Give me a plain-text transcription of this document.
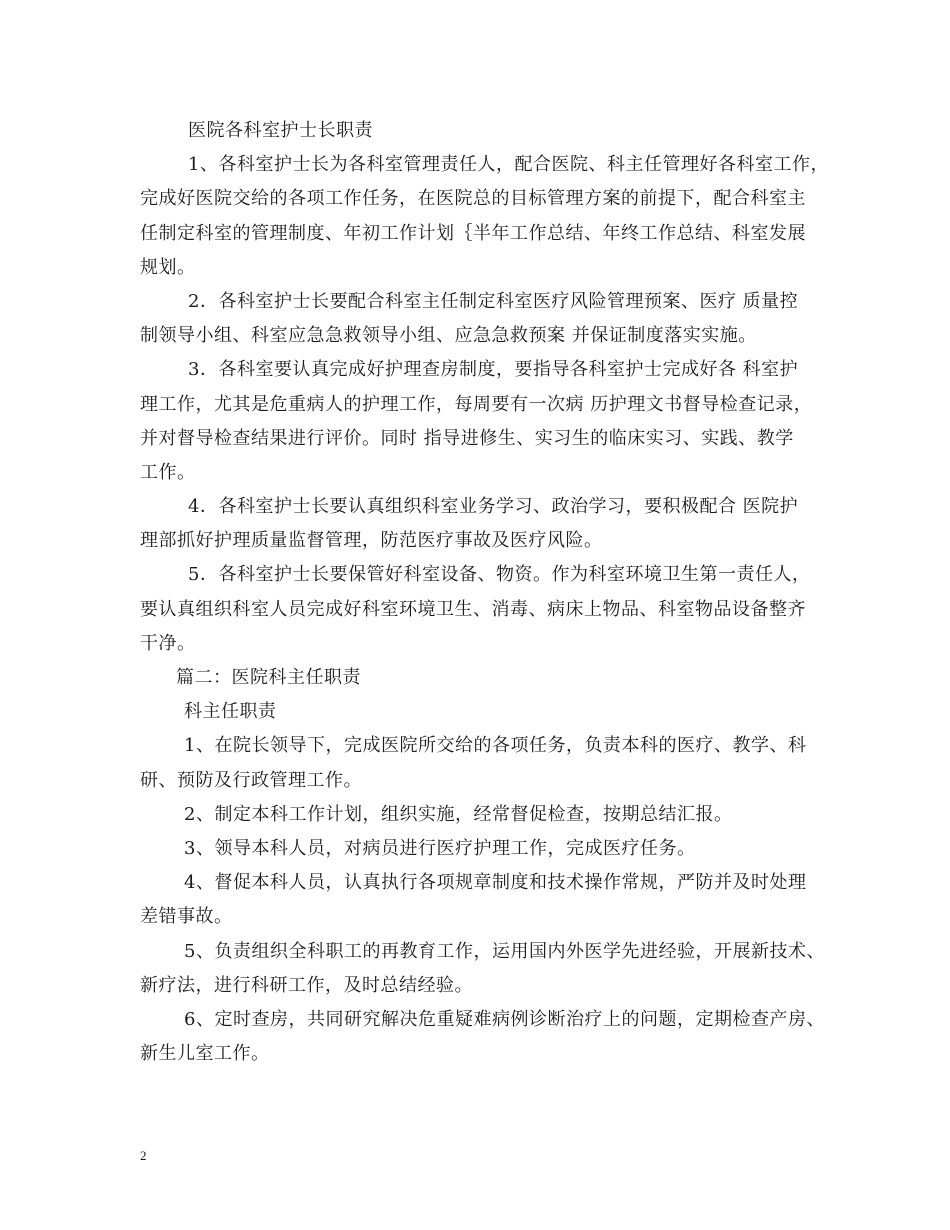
医院各科室护士长职责
1、各科室护士长为各科室管理责任人，配合医院、科主任管理好各科室工作，
完成好医院交给的各项工作任务，在医院总的目标管理方案的前提下，配合科室主
任制定科室的管理制度、年初工作计划｛半年工作总结、年终工作总结、科室发展
规划。
2．各科室护士长要配合科室主任制定科室医疗风险管理预案、医疗 质量控
制领导小组、科室应急急救领导小组、应急急救预案 并保证制度落实实施。
3．各科室要认真完成好护理查房制度，要指导各科室护士完成好各 科室护
理工作，尤其是危重病人的护理工作，每周要有一次病 历护理文书督导检查记录，
并对督导检查结果进行评价。同时 指导进修生、实习生的临床实习、实践、教学
工作。
4．各科室护士长要认真组织科室业务学习、政治学习，要积极配合 医院护
理部抓好护理质量监督管理，防范医疗事故及医疗风险。
5．各科室护士长要保管好科室设备、物资。作为科室环境卫生第一责任人，
要认真组织科室人员完成好科室环境卫生、消毒、病床上物品、科室物品设备整齐
干净。
篇二：医院科主任职责
科主任职责
1、在院长领导下，完成医院所交给的各项任务，负责本科的医疗、教学、科
研、预防及行政管理工作。
2、制定本科工作计划，组织实施，经常督促检查，按期总结汇报。
3、领导本科人员，对病员进行医疗护理工作，完成医疗任务。
4、督促本科人员，认真执行各项规章制度和技术操作常规，严防并及时处理
差错事故。
5、负责组织全科职工的再教育工作，运用国内外医学先进经验，开展新技术、
新疗法，进行科研工作，及时总结经验。
6、定时查房，共同研究解决危重疑难病例诊断治疗上的问题，定期检查产房、
新生儿室工作。
2
